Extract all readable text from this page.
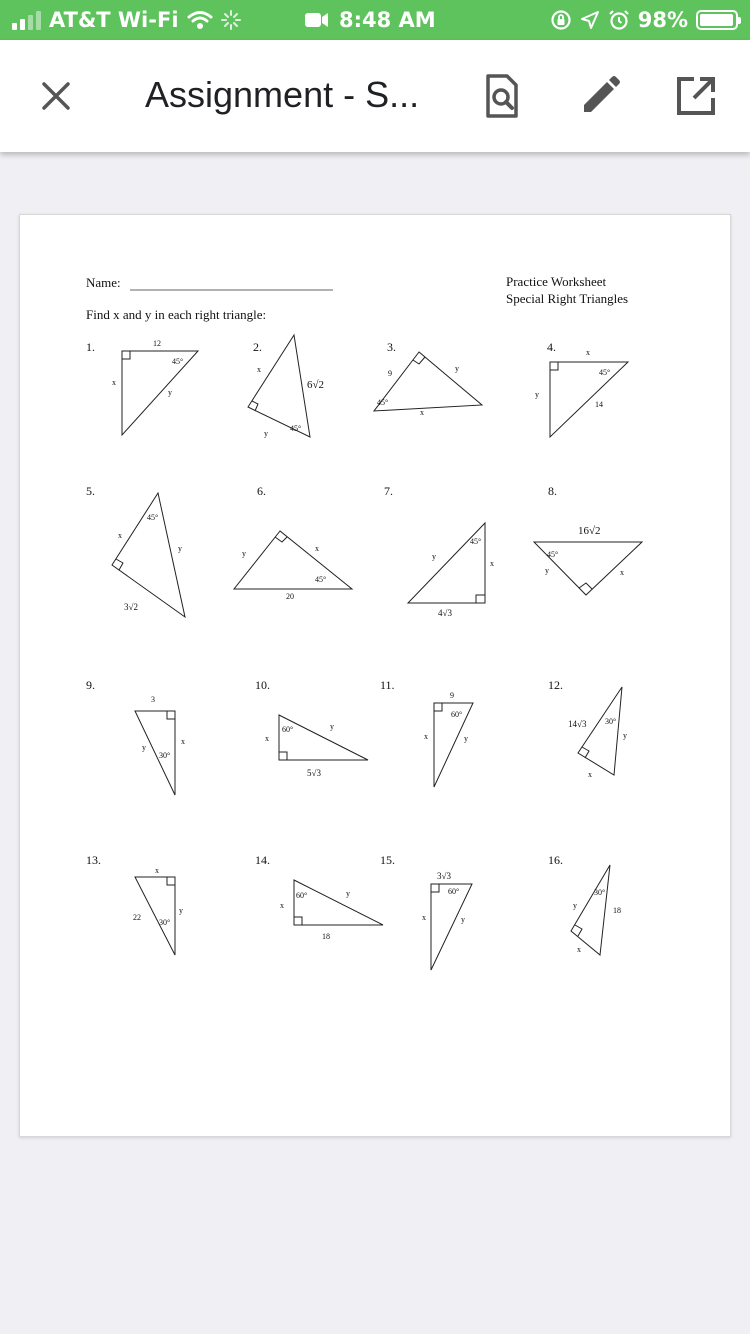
AT&T Wi-Fi	8:48 AM	98%
Assignment - S...
Name:	Practice Worksheet
Special Right Triangles
Find x and y in each right triangle:
1.	2.	3.	4.
5.	6.	7.	8.
9.	10.	11.	12.
13.	14.	15.	16.
12
x
y
45°
x
6√2
y
45°
9
y
x
45°
x
45°
y
14
45°
x
y
3√2
y
x
45°
20
45°
y
x
4√3
16√2
45°
y	x
3
y
x
30°
60°	y
x
5√3
9
60°
x	y
14√3 30°
y
x
x
22
y
30°
60°	y
x
18
3√3
60°
x	y
30°
y
18
x
